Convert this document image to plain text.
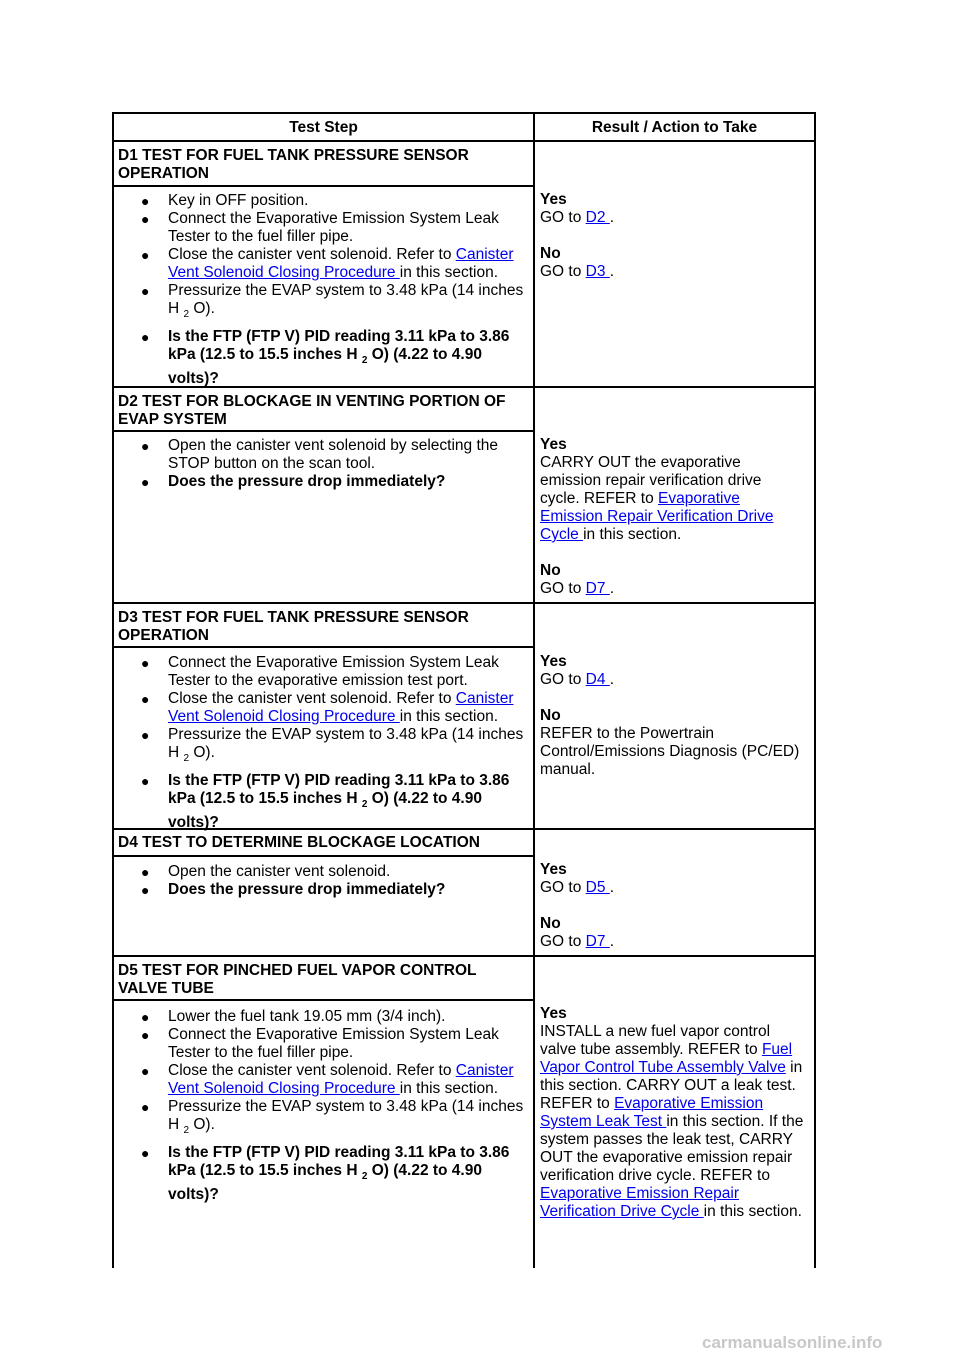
Test Step	Result / Action to Take
D1 TEST FOR FUEL TANK PRESSURE SENSOR OPERATION
● Key in OFF position.
● Connect the Evaporative Emission System Leak Tester to the fuel filler pipe.
● Close the canister vent solenoid. Refer to Canister Vent Solenoid Closing Procedure in this section.
● Pressurize the EVAP system to 3.48 kPa (14 inches H $_2$ O).
● Is the FTP (FTP V) PID reading 3.11 kPa to 3.86 kPa (12.5 to 15.5 inches H $_2$ O) (4.22 to 4.90 volts)?
Yes
GO to D2 .
No
GO to D3 .
D2 TEST FOR BLOCKAGE IN VENTING PORTION OF EVAP SYSTEM
● Open the canister vent solenoid by selecting the STOP button on the scan tool.
● Does the pressure drop immediately?
Yes
CARRY OUT the evaporative emission repair verification drive cycle. REFER to Evaporative Emission Repair Verification Drive Cycle in this section.
No
GO to D7 .
D3 TEST FOR FUEL TANK PRESSURE SENSOR OPERATION
● Connect the Evaporative Emission System Leak Tester to the evaporative emission test port.
● Close the canister vent solenoid. Refer to Canister Vent Solenoid Closing Procedure in this section.
● Pressurize the EVAP system to 3.48 kPa (14 inches H $_2$ O).
● Is the FTP (FTP V) PID reading 3.11 kPa to 3.86 kPa (12.5 to 15.5 inches H $_2$ O) (4.22 to 4.90 volts)?
Yes
GO to D4 .
No
REFER to the Powertrain Control/Emissions Diagnosis (PC/ED) manual.
D4 TEST TO DETERMINE BLOCKAGE LOCATION
● Open the canister vent solenoid.
● Does the pressure drop immediately?
Yes
GO to D5 .
No
GO to D7 .
D5 TEST FOR PINCHED FUEL VAPOR CONTROL VALVE TUBE
● Lower the fuel tank 19.05 mm (3/4 inch).
● Connect the Evaporative Emission System Leak Tester to the fuel filler pipe.
● Close the canister vent solenoid. Refer to Canister Vent Solenoid Closing Procedure in this section.
● Pressurize the EVAP system to 3.48 kPa (14 inches H $_2$ O).
● Is the FTP (FTP V) PID reading 3.11 kPa to 3.86 kPa (12.5 to 15.5 inches H $_2$ O) (4.22 to 4.90 volts)?
Yes
INSTALL a new fuel vapor control valve tube assembly. REFER to Fuel Vapor Control Tube Assembly Valve in this section. CARRY OUT a leak test. REFER to Evaporative Emission System Leak Test in this section. If the system passes the leak test, CARRY OUT the evaporative emission repair verification drive cycle. REFER to Evaporative Emission Repair Verification Drive Cycle in this section.
carmanualsonline.info
